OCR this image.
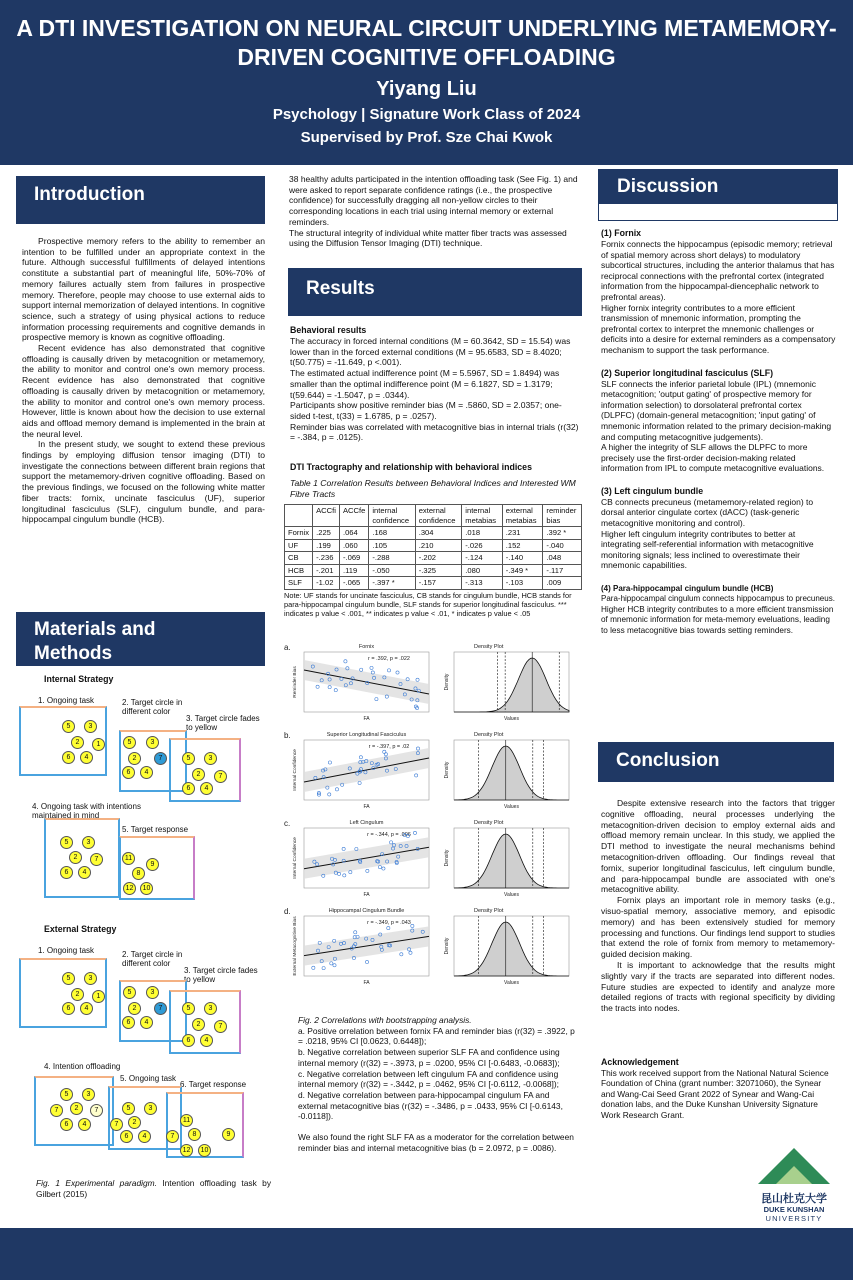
A DTI INVESTIGATION ON NEURAL CIRCUIT UNDERLYING METAMEMORY-
DRIVEN COGNITIVE OFFLOADING
Yiyang Liu
Psychology | Signature Work Class of 2024
Supervised by Prof. Sze Chai Kwok
Introduction

Prospective memory refers to the ability to remember an intention to be fulfilled under an appropriate context in the future. Although successful fulfillments of delayed intentions constitute a substantial part of meaningful life, 50%-70% of memory failures actually stem from failures in prospective memory. Therefore, people may choose to use external aids to support internal memorization of delayed intentions. In cognitive science, such a strategy of using physical actions to reduce information processing requirements and cognitive demands in prospective memory is known as cognitive offloading.

Recent evidence has also demonstrated that cognitive offloading is causally driven by metacognition or metamemory, the ability to monitor and control one's own memory process. Recent evidence has also demonstrated that cognitive offloading is causally driven by metacognition or metamemory, the ability to monitor and control one's own memory process. However, little is known about how the decision to use external aids and offload memory demand is implemented in the brain at the neural level.

In the present study, we sought to extend these previous findings by employing diffusion tensor imaging (DTI) to investigate the connections between different brain regions that support the metamemory-driven cognitive offloading. Based on the previous findings, we focused on the following white matter fiber tracts: fornix, uncinate fasciculus (UF), superior longitudinal fasciculus (SLF), cingulum bundle, and para-hippocampal cingulum bundle (HCB).

Materials and
Methods
Internal Strategy
1. Ongoing task	2. Target circle in different color
3. Target circle fades to yellow
5	3
2	1
6	4
5	3
7
2
6	4
5	3
2	7
6	4
4. Ongoing task with intentions maintained in mind
5. Target response
5	3
2	7
6	4
11
9
8
12	10
External Strategy
1. Ongoing task	2. Target circle in different color
3. Target circle fades to yellow
5	3
2	1
6	4
5	3
7
2
6	4
5	3
2	7
6	4
4. Intention offloading
5. Ongoing task
6. Target response
5	3
7	2	7
6	4
5	3
7	2
6	4
11
7	8	9
12	10
Fig. 1 Experimental paradigm. Intention offloading task by Gilbert (2015)

38 healthy adults participated in the intention offloading task (See Fig. 1) and were asked to report separate confidence ratings (i.e., the prospective confidence) for successfully dragging all non-yellow circles to their corresponding locations in each trial using internal memory or external reminders.

The structural integrity of individual white matter fiber tracts was assessed using the Diffusion Tensor Imaging (DTI) technique.

Results
Behavioral results

The accuracy in forced internal conditions (M = 60.3642, SD = 15.54) was lower than in the forced external conditions (M = 95.6583, SD = 8.4020; t(50.775) = -11.649, p <.001).

The estimated actual indifference point (M = 5.5967, SD = 1.8494) was smaller than the optimal indifference point (M = 6.1827, SD = 1.3179; t(59.644) = -1.5047, p = .0344).

Participants show positive reminder bias (M = .5860, SD = 2.0357; one-sided t-test, t(33) = 1.6785, p = .0257).

Reminder bias was correlated with metacognitive bias in internal trials (r(32) = -.384, p = .0125).

DTI Tractography and relationship with behavioral indices
Table 1 Correlation Results between Behavioral Indices and Interested WM Fibre Tracts
	ACCfi	ACCfe	internal confidence	external confidence	internal metabias	external metabias	reminder bias
Fornix	.225	.064	.168	.304	.018	.231	.392 *
UF	.199	.060	.105	.210	-.026	.152	-.040
CB	-.236	-.069	-.288	-.202	-.124	-.140	.048
HCB	-.201	.119	-.050	-.325	.080	-.349 *	-.117
SLF	-1.02	-.065	-.397 *	-.157	-.313	-.103	.009
Note: UF stands for uncinate fasciculus, CB stands for cingulum bundle, HCB stands for para-hippocampal cingulum bundle, SLF stands for superior longitudinal fasciculus. *** indicates p value < .001, ** indicates p value < .01, * indicates p value < .05
a.	Fornix
r = .392, p = .022
FA
Reminder Bias
Density Plot
Values
Density
b.	Superior Longitudinal Fasciculus
r = -.397, p = .02
FA
Internal Confidence
Density Plot
Values
Density
c.	Left Cingulum
r = -.344, p = .006
FA
Internal Confidence
Density Plot
Values
Density
d.	Hippocampal Cingulum Bundle
r = -.349, p = .043
FA
External Metacognitive Bias
Density Plot
Values
Density
Fig. 2 Correlations with bootstrapping analysis.

a. Positive orrelation between fornix FA and reminder bias (r(32) = .3922, p = .0218, 95% CI [0.0623, 0.6448]);

b. Negative correlation between superior SLF FA and confidence using internal memory (r(32) = -.3973, p = .0200, 95% CI [-0.6483, -0.0683]);

c. Negative correlation between left cingulum FA and confidence using internal memory (r(32) = -.3442, p = .0462, 95% CI [-0.6112, -0.0068]);

d. Negative correlation between para-hippocampal cingulum FA and external metacognitive bias (r(32) = -.3486, p = .0433, 95% CI [-0.6143, -0.0118]).

We also found the right SLF FA as a moderator for the correlation between reminder bias and internal metacognitive bias (b = 2.0972, p = .0086).

Discussion
(1) Fornix

Fornix connects the hippocampus (episodic memory; retrieval of spatial memory across short delays) to modulatory subcortical structures, including the anterior thalamus that has reciprocal connections with the prefrontal cortex (integrated information from the hippocampal-diencephalic network to prefrontal areas).

Higher fornix integrity contributes to a more efficient transmission of mnemonic information, prompting the prefrontal cortex to interpret the mnemonic challenges or deficits into a desire for external reminders as a compensatory mechanism to support the task performance.

(2) Superior longitudinal fasciculus (SLF)

SLF connects the inferior parietal lobule (IPL) (mnemonic metacognition; 'output gating' of prospective memory for information selection) to dorsolateral prefrontal cortex (DLPFC) (domain-general metacognition; 'input gating' of mnemonic information related to the primary decision-making and computing metacognitive judgements).

A higher the integrity of SLF allows the DLPFC to more precisely use the first-order decision-making related information from IPL to compute metacognitive evaluations.

(3) Left cingulum bundle

CB connects precuneus (metamemory-related region) to dorsal anterior cingulate cortex (dACC) (task-generic metacognitive monitoring and control).

Higher left cingulum integrity contributes to better at integrating self-referential information with metacognitive monitoring signals; less inclined to overestimate their mnemonic capabilities.

(4) Para-hippocampal cingulum bundle (HCB)

Para-hippocampal cingulum connects hippocampus to precuneus.

Higher HCB integrity contributes to a more efficient transmission of mnemonic information for meta-memory eveluations, leading to less metacognitive bias towards setting reminders.

Conclusion

Despite extensive research into the factors that trigger cognitive offloading, neural processes underlying the metacognition-driven decision to employ external aids and offload memory remain unclear. In this study, we applied the DTI method to investigate the neural mechanisms behind metacognition-driven offloading. Our findings reveal that fornix, superior longitudinal fasciculus, left cingulum bundle, and para-hippocampal bundle are associated with one's metacognitive ability.

Fornix plays an important role in memory tasks (e.g., visuo-spatial memory, associative memory, and episodic memory) and has been extensively studied for memory processing and functions. Our findings lend support to studies that extend the role of fornix from memory to metamemory-guided decision making.

It is important to acknowledge that the results might slightly vary if the tracts are separated into different nodes. Future studies are expected to identify and analyze more detailed regions of tracts with regional specificity by dividing the tracts into nodes.

Acknowledgement

This work received support from the National Natural Science Foundation of China (grant number: 32071060), the Synear and Wang-Cai Seed Grant 2022 of Synear and Wang-Cai donation labs, and the Duke Kunshan University Signature Work Research Grant.

昆山杜克大学
DUKE KUNSHAN
UNIVERSITY
